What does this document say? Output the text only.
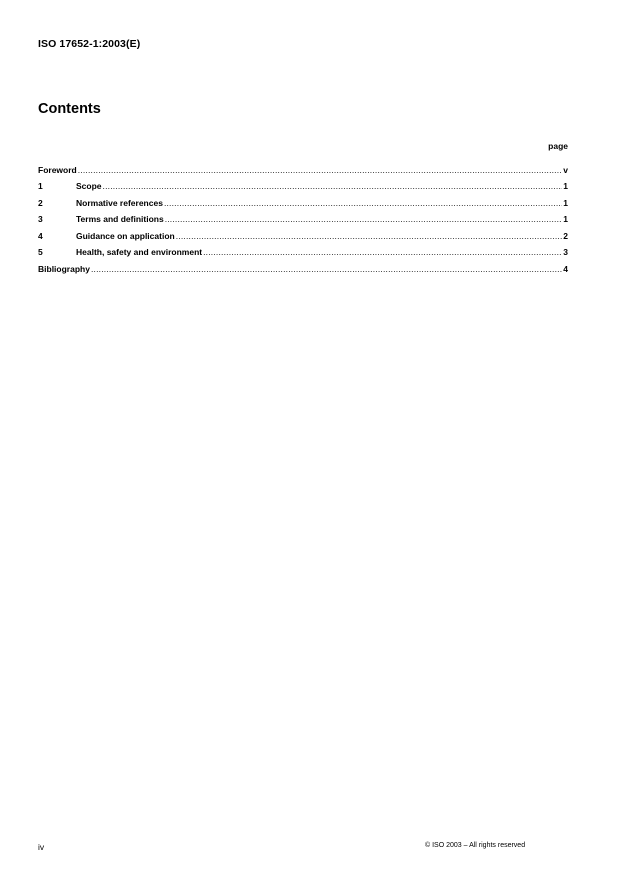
ISO 17652-1:2003(E)
Contents
page
Foreword .....	v
1	Scope .....	1
2	Normative references .....	1
3	Terms and definitions .....	1
4	Guidance on application .....	2
5	Health, safety and environment .....	3
Bibliography .....	4
iv	© ISO 2003 – All rights reserved
